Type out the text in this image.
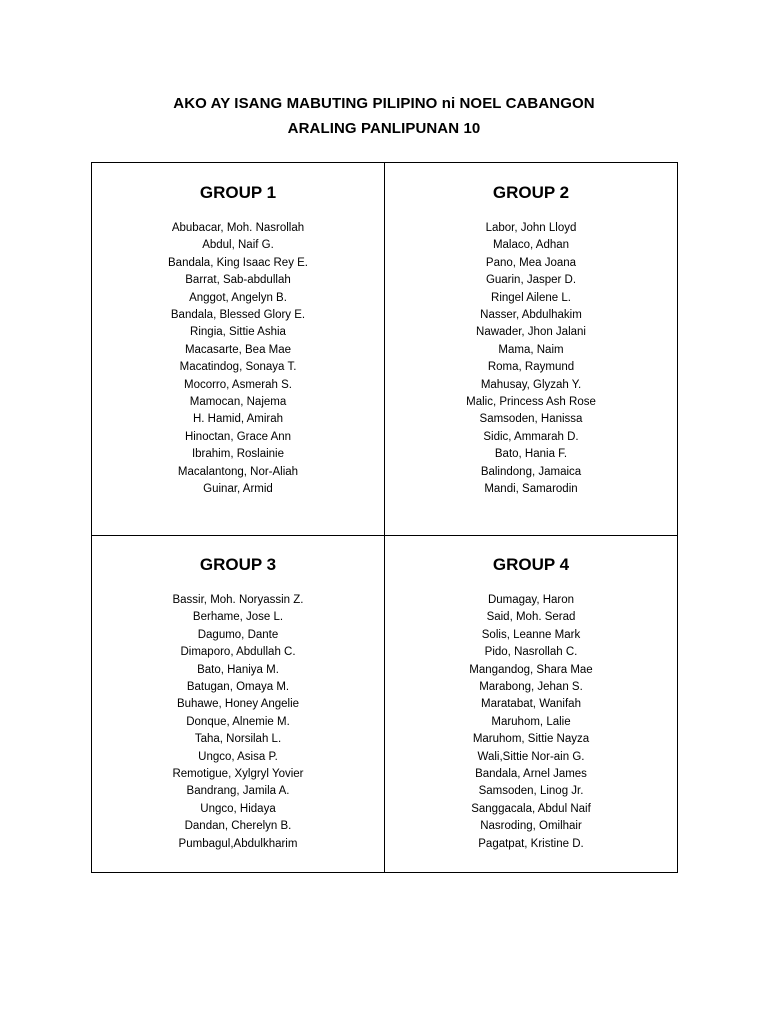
AKO AY ISANG MABUTING PILIPINO ni NOEL CABANGON
ARALING PANLIPUNAN 10
GROUP 1
Abubacar, Moh. Nasrollah
Abdul, Naif G.
Bandala, King Isaac Rey E.
Barrat, Sab-abdullah
Anggot, Angelyn B.
Bandala, Blessed Glory E.
Ringia, Sittie Ashia
Macasarte, Bea Mae
Macatindog, Sonaya T.
Mocorro, Asmerah S.
Mamocan, Najema
H. Hamid, Amirah
Hinoctan, Grace Ann
Ibrahim, Roslainie
Macalantong, Nor-Aliah
Guinar, Armid
GROUP 2
Labor, John Lloyd
Malaco, Adhan
Pano, Mea Joana
Guarin, Jasper D.
Ringel Ailene L.
Nasser, Abdulhakim
Nawader, Jhon Jalani
Mama, Naim
Roma, Raymund
Mahusay, Glyzah Y.
Malic, Princess Ash Rose
Samsoden, Hanissa
Sidic, Ammarah D.
Bato, Hania F.
Balindong, Jamaica
Mandi, Samarodin
GROUP 3
Bassir, Moh. Noryassin Z.
Berhame, Jose L.
Dagumo, Dante
Dimaporo, Abdullah C.
Bato, Haniya M.
Batugan, Omaya M.
Buhawe, Honey Angelie
Donque, Alnemie M.
Taha, Norsilah L.
Ungco, Asisa P.
Remotigue, Xylgryl Yovier
Bandrang, Jamila A.
Ungco, Hidaya
Dandan, Cherelyn B.
Pumbagul,Abdulkharim
GROUP 4
Dumagay, Haron
Said, Moh. Serad
Solis, Leanne Mark
Pido, Nasrollah C.
Mangandog, Shara Mae
Marabong, Jehan S.
Maratabat, Wanifah
Maruhom, Lalie
Maruhom, Sittie Nayza
Wali,Sittie Nor-ain G.
Bandala, Arnel James
Samsoden, Linog Jr.
Sanggacala, Abdul Naif
Nasroding, Omilhair
Pagatpat, Kristine D.
